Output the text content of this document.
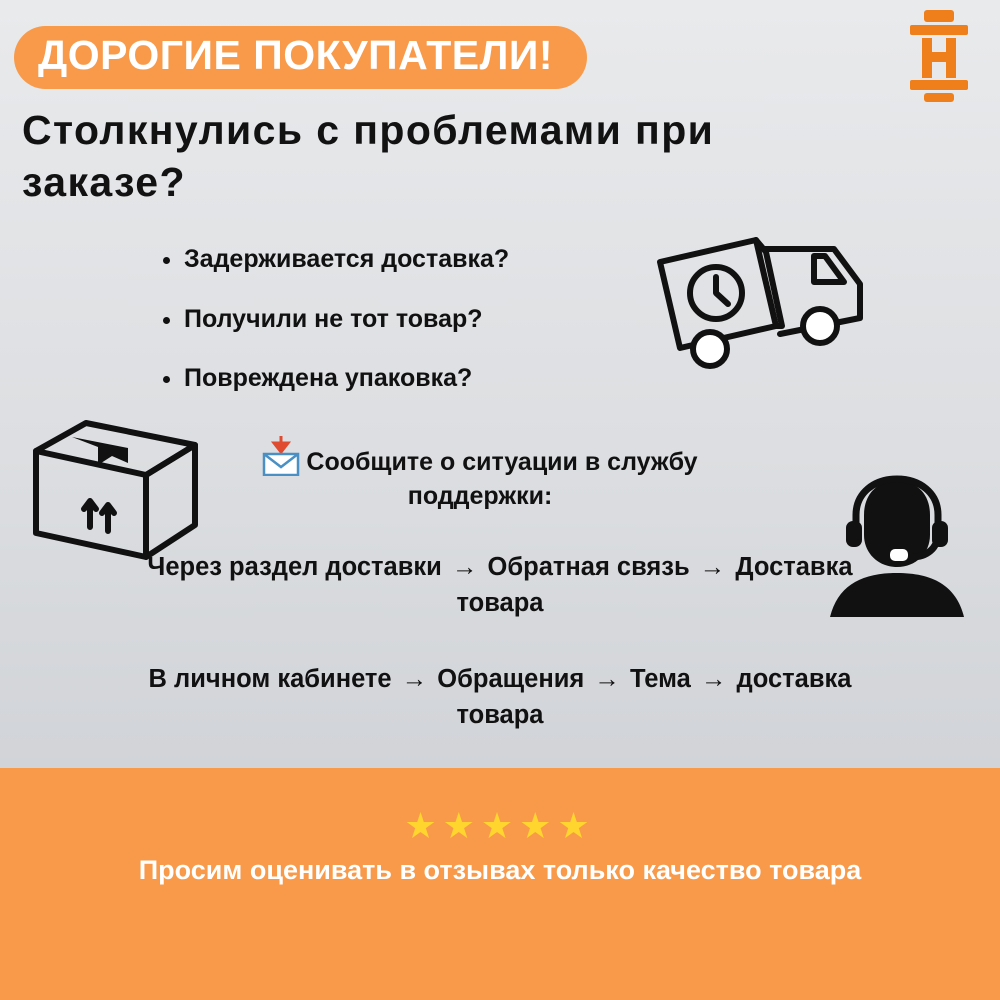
ДОРОГИЕ ПОКУПАТЕЛИ!
Столкнулись с проблемами при заказе?
• Задерживается доставка?
• Получили не тот товар?
• Повреждена упаковка?
Сообщите о ситуации в службу поддержки:
Через раздел доставки → Обратная связь → Доставка товара
В личном кабинете → Обращения → Тема → доставка товара
★★★★★
Просим оценивать в отзывах только качество товара
